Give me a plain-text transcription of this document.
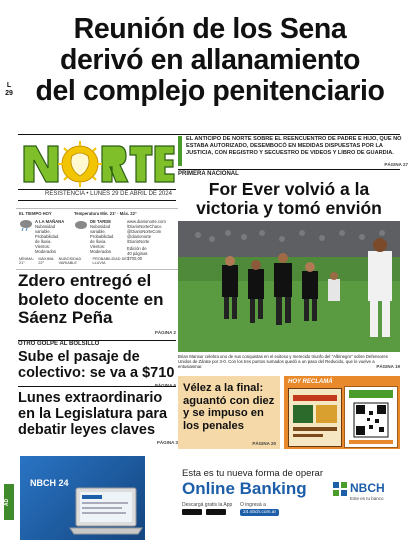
Reunión de los Sena
derivó en allanamiento
del complejo penitenciario
L
29
RESISTENCIA • LUNES 29 DE ABRIL DE 2024
EL ANTICIPO DE NORTE SOBRE EL REENCUENTRO DE PADRE E HIJO, QUE NO ESTABA AUTORIZADO, DESEMBOCÓ EN MEDIDAS DISPUESTAS POR LA JUSTICIA, CON REGISTRO Y SECUESTRO DE VIDEOS Y LIBRO DE GUARDIA.
PÁGINA 27
EL TIEMPO HOY	Temperatura Mín. 21° · Máx. 22°
A LA MAÑANA
Nubosidad
variable.
Probabilidad
de lluvia.
Vientos:
Moderados
DE TARDE
Nubosidad
variable.
Probabilidad
de lluvia.
Vientos:
Moderados
www.diarionorte.com
/DiarioNorteChaco
@DiarioNorteCom
@diarionorte
/DiarioNorte
Edición de
40 páginas
$700,00
MÍNIMA: 21°
MÁXIMA: 22°
NUBOSIDAD VARIABLE
PROBABILIDAD DE LLUVIA
Zdero entregó el boleto docente en Sáenz Peña
PÁGINA 2
OTRO GOLPE AL BOLSILLO
Sube el pasaje de colectivo: se va a $710
Lunes extraordinario en la Legislatura para debatir leyes claves
PÁGINA 3
PRIMERA NACIONAL
For Ever volvió a la victoria y tomó envión
Brian Mansur celebra uno de sus conquistas en el exitoso y merecido triunfo del "Albinegro" sobre Defensores Unidos de Zárate por 3-0. Con los tres puntos sumados quedó a un paso del Reducido, que lo vuelve a entusiasmar.	PÁGINA 19
Vélez a la final: aguantó con diez y se impuso en los penales
PÁGINA 20
HOY RECLAMÁ
AD
NBCH 24
Esta es tu nueva forma de operar
Online Banking
Descargá gratis la App O ingresá a
24.nbch.com.ar
NBCH
Este es tu banco
